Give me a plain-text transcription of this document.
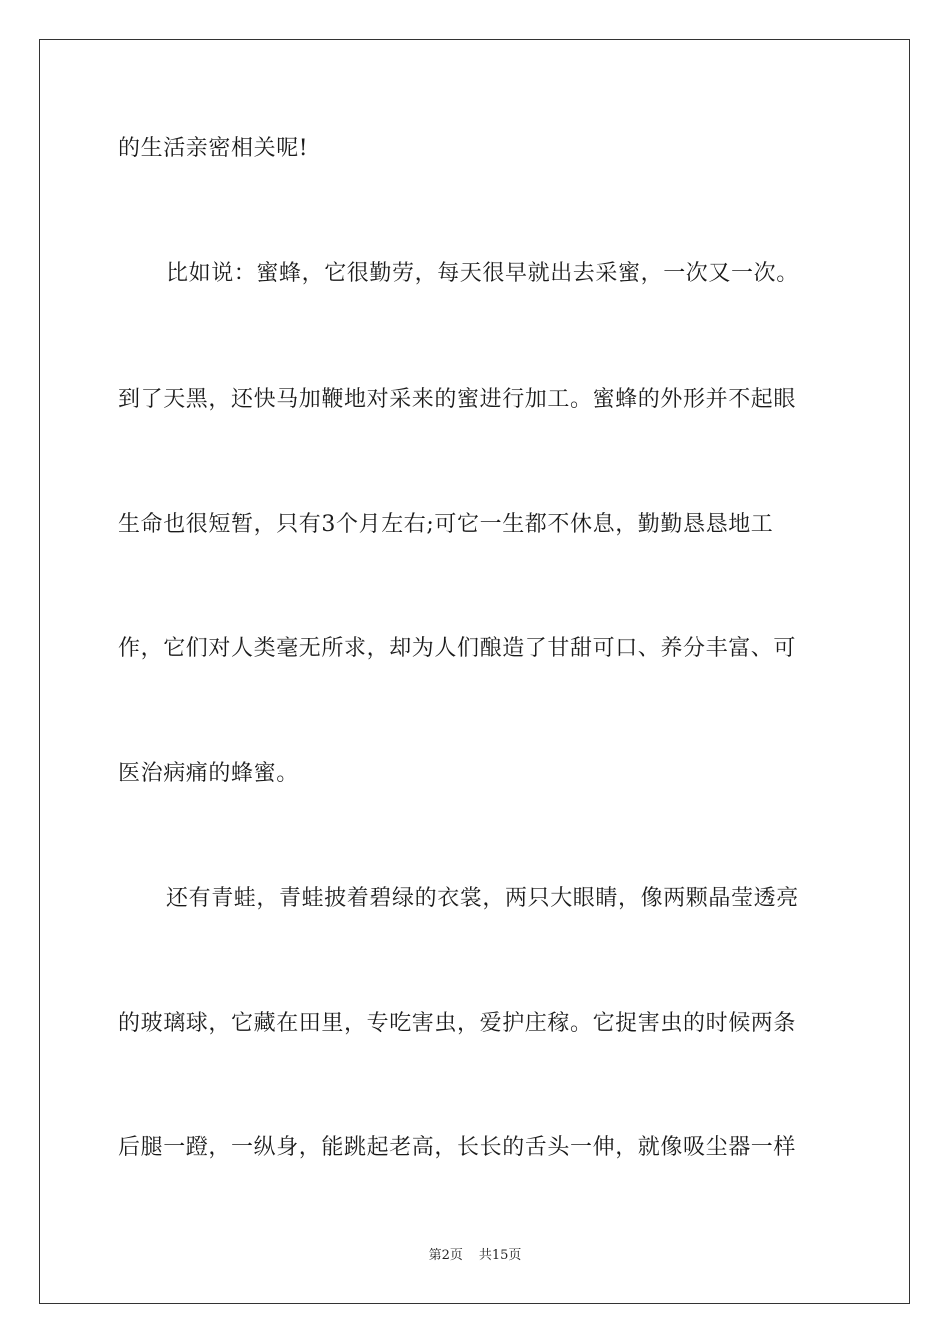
的生活亲密相关呢!
比如说：蜜蜂，它很勤劳，每天很早就出去采蜜，一次又一次。
到了天黑，还快马加鞭地对采来的蜜进行加工。蜜蜂的外形并不起眼
生命也很短暂，只有3个月左右;可它一生都不休息，勤勤恳恳地工
作，它们对人类毫无所求，却为人们酿造了甘甜可口、养分丰富、可
医治病痛的蜂蜜。
还有青蛙，青蛙披着碧绿的衣裳，两只大眼睛，像两颗晶莹透亮
的玻璃球，它藏在田里，专吃害虫，爱护庄稼。它捉害虫的时候两条
后腿一蹬，一纵身，能跳起老高，长长的舌头一伸，就像吸尘器一样
第2页 共15页
